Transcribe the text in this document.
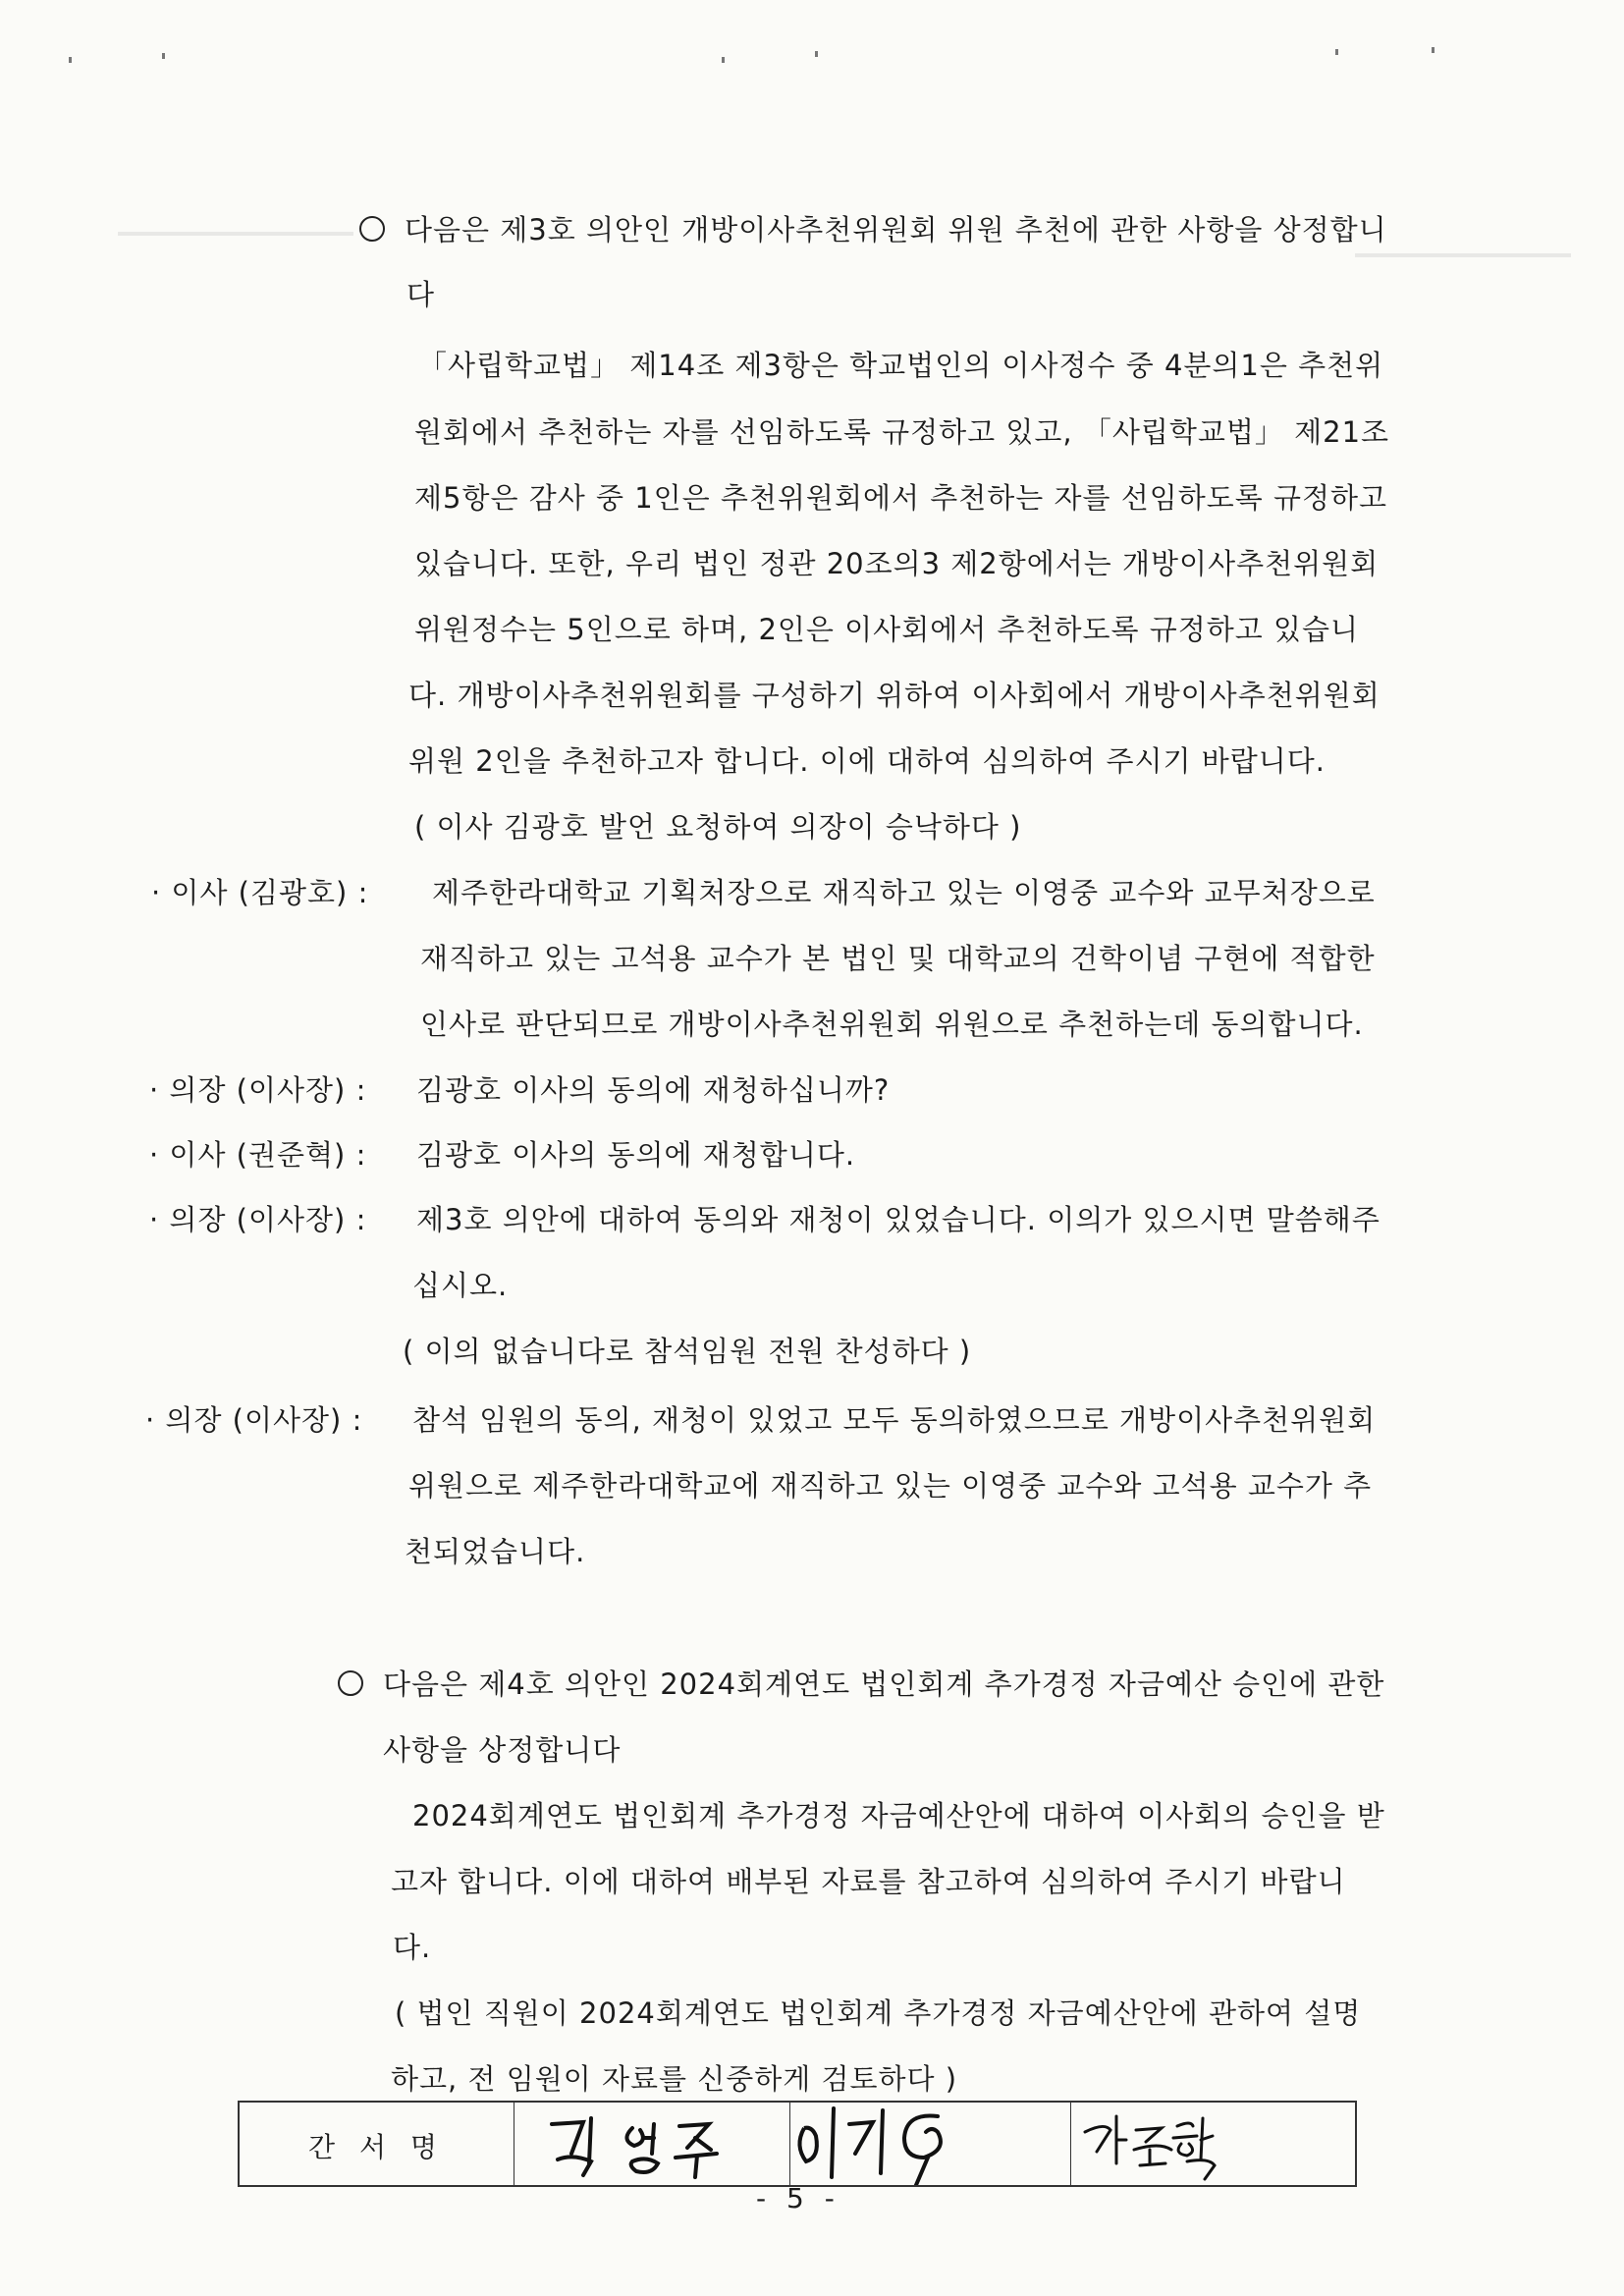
다음은 제3호 의안인 개방이사추천위원회 위원 추천에 관한 사항을 상정합니
다
「사립학교법」 제14조 제3항은 학교법인의 이사정수 중 4분의1은 추천위
원회에서 추천하는 자를 선임하도록 규정하고 있고, 「사립학교법」 제21조
제5항은 감사 중 1인은 추천위원회에서 추천하는 자를 선임하도록 규정하고
있습니다. 또한, 우리 법인 정관 20조의3 제2항에서는 개방이사추천위원회
위원정수는 5인으로 하며, 2인은 이사회에서 추천하도록 규정하고 있습니
다. 개방이사추천위원회를 구성하기 위하여 이사회에서 개방이사추천위원회
위원 2인을 추천하고자 합니다. 이에 대하여 심의하여 주시기 바랍니다.
( 이사 김광호 발언 요청하여 의장이 승낙하다 )
· 이사 (김광호) : 제주한라대학교 기획처장으로 재직하고 있는 이영중 교수와 교무처장으로
재직하고 있는 고석용 교수가 본 법인 및 대학교의 건학이념 구현에 적합한
인사로 판단되므로 개방이사추천위원회 위원으로 추천하는데 동의합니다.
· 의장 (이사장) : 김광호 이사의 동의에 재청하십니까?
· 이사 (권준혁) : 김광호 이사의 동의에 재청합니다.
· 의장 (이사장) : 제3호 의안에 대하여 동의와 재청이 있었습니다. 이의가 있으시면 말씀해주
십시오.
( 이의 없습니다로 참석임원 전원 찬성하다 )
· 의장 (이사장) : 참석 임원의 동의, 재청이 있었고 모두 동의하였으므로 개방이사추천위원회
위원으로 제주한라대학교에 재직하고 있는 이영중 교수와 고석용 교수가 추
천되었습니다.
다음은 제4호 의안인 2024회계연도 법인회계 추가경정 자금예산 승인에 관한
사항을 상정합니다
2024회계연도 법인회계 추가경정 자금예산안에 대하여 이사회의 승인을 받
고자 합니다. 이에 대하여 배부된 자료를 참고하여 심의하여 주시기 바랍니
다.
( 법인 직원이 2024회계연도 법인회계 추가경정 자금예산안에 관하여 설명
하고, 전 임원이 자료를 신중하게 검토하다 )
간 서 명
- 5 -
